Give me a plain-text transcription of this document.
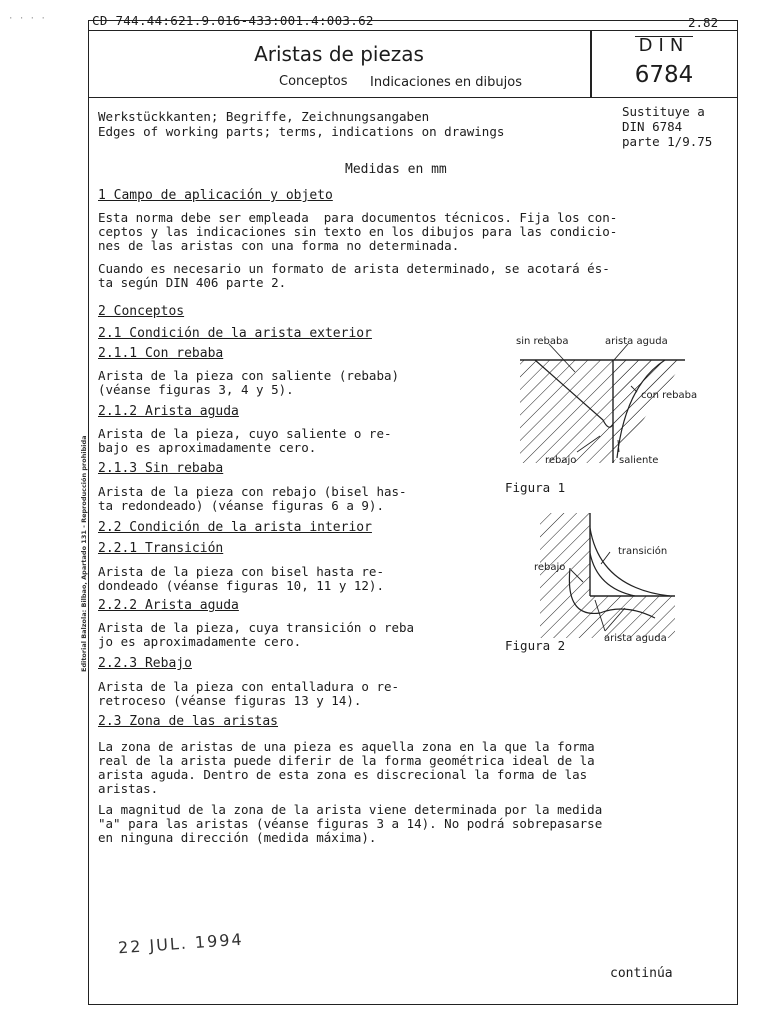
· · · ·	CD 744.44:621.9.016-433:001.4:003.62	2.82
Aristas de piezas
Conceptos Indicaciones en dibujos
DIN
6784
Werkstückkanten; Begriffe, Zeichnungsangaben
Edges of working parts; terms, indications on drawings
Sustituye a
DIN 6784
parte 1/9.75
Medidas en mm
1 Campo de aplicación y objeto
Esta norma debe ser empleada  para documentos técnicos. Fija los con-
ceptos y las indicaciones sin texto en los dibujos para las condicio-
nes de las aristas con una forma no determinada.
Cuando es necesario un formato de arista determinado, se acotará és-
ta según DIN 406 parte 2.
2 Conceptos
2.1 Condición de la arista exterior
2.1.1 Con rebaba
Arista de la pieza con saliente (rebaba)
(véanse figuras 3, 4 y 5).
2.1.2 Arista aguda
Arista de la pieza, cuyo saliente o re-
bajo es aproximadamente cero.
2.1.3 Sin rebaba
Arista de la pieza con rebajo (bisel has-
ta redondeado) (véanse figuras 6 a 9).
2.2 Condición de la arista interior
2.2.1 Transición
Arista de la pieza con bisel hasta re-
dondeado (véanse figuras 10, 11 y 12).
2.2.2 Arista aguda
Arista de la pieza, cuya transición o reba
jo es aproximadamente cero.
2.2.3 Rebajo
Arista de la pieza con entalladura o re-
retroceso (véanse figuras 13 y 14).
2.3 Zona de las aristas
La zona de aristas de una pieza es aquella zona en la que la forma
real de la arista puede diferir de la forma geométrica ideal de la
arista aguda. Dentro de esta zona es discrecional la forma de las
aristas.
La magnitud de la zona de la arista viene determinada por la medida
"a" para las aristas (véanse figuras 3 a 14). No podrá sobrepasarse
en ninguna dirección (medida máxima).
sin rebaba	arista aguda
con rebaba
rebajo	saliente
Figura 1
transición
rebajo
arista aguda
Figura 2
22 JUL. 1994
continúa
Editorial Balzola: Bilbao, Apartado 131 - Reproducción prohibida
